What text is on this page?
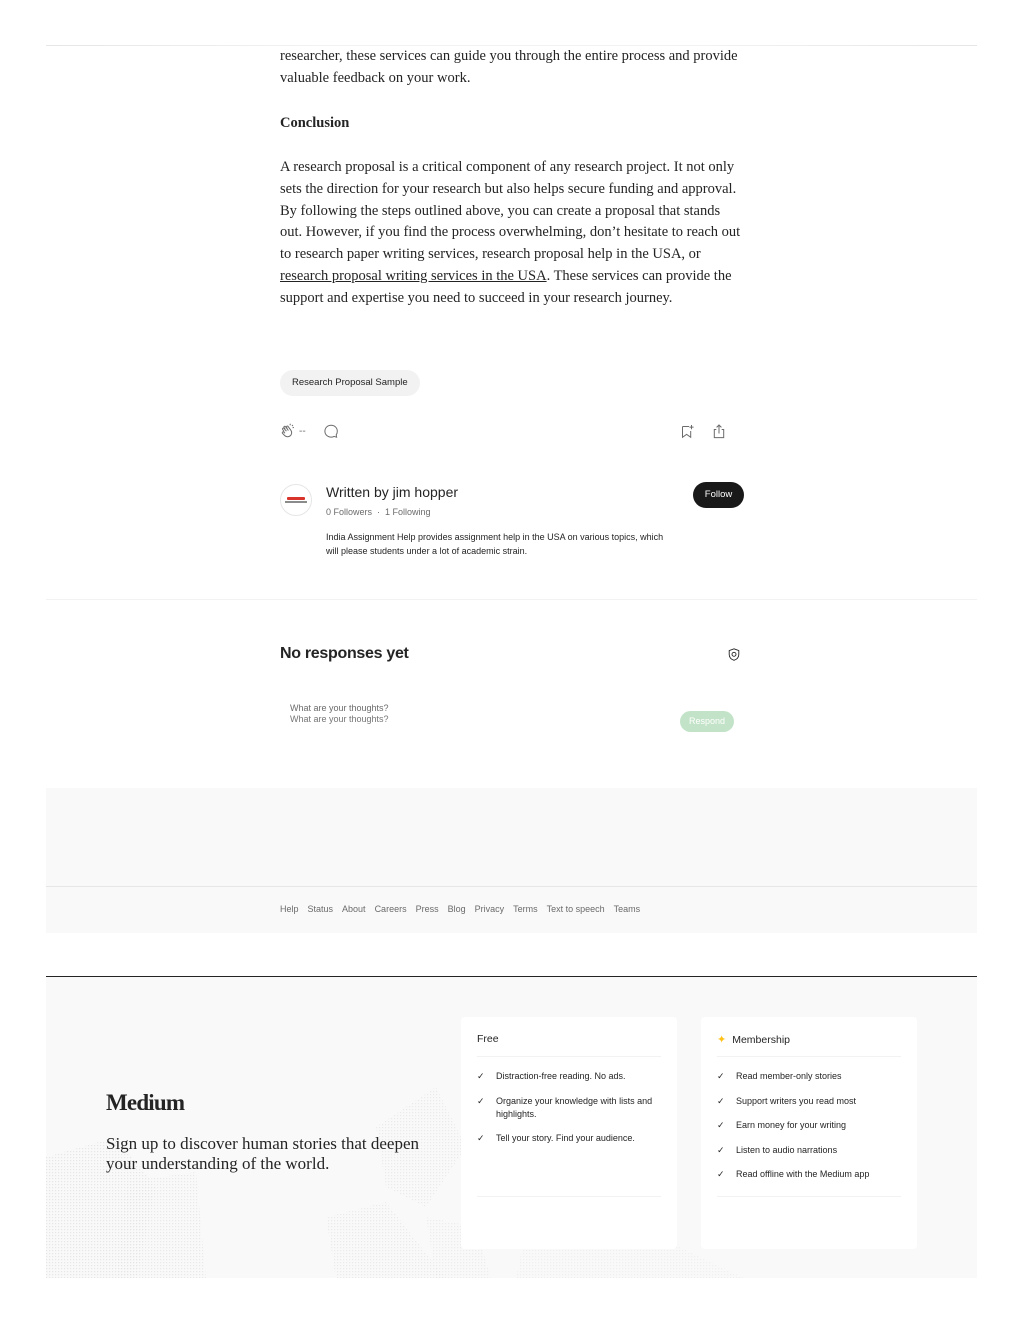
researcher, these services can guide you through the entire process and provide valuable feedback on your work.

Conclusion

A research proposal is a critical component of any research project. It not only sets the direction for your research but also helps secure funding and approval. By following the steps outlined above, you can create a proposal that stands out. However, if you find the process overwhelming, don’t hesitate to reach out to research paper writing services, research proposal help in the USA, or research proposal writing services in the USA. These services can provide the support and expertise you need to succeed in your research journey.

Research Proposal Sample
--
Written by jim hopper
0 Followers · 1 Following

India Assignment Help provides assignment help in the USA on various topics, which will please students under a lot of academic strain.

Follow
No responses yet
What are your thoughts?
What are your thoughts?
Respond
Help Status About Careers Press Blog Privacy Terms Text to speech Teams
Medium

Sign up to discover human stories that deepen your understanding of the world.

Free
✓	Distraction-free reading. No ads.
✓	Organize your knowledge with lists and highlights.
✓	Tell your story. Find your audience.
✦ Membership
✓	Read member-only stories
✓	Support writers you read most
✓	Earn money for your writing
✓	Listen to audio narrations
✓	Read offline with the Medium app
